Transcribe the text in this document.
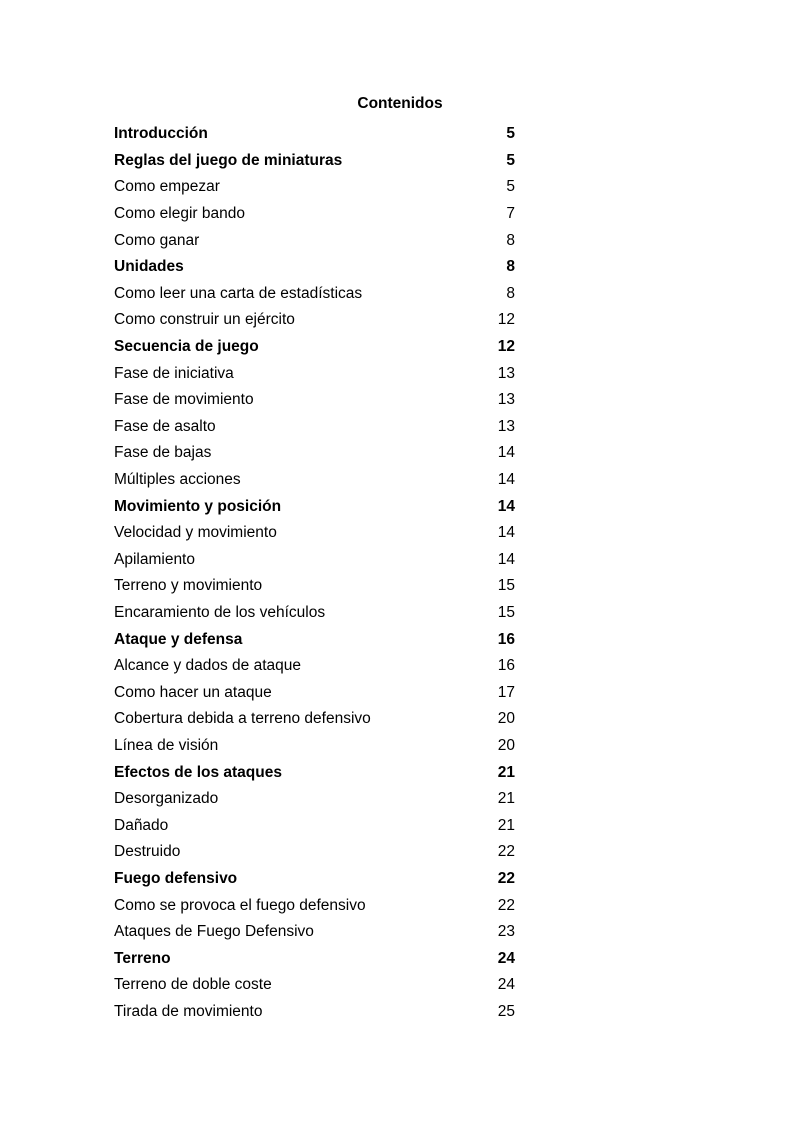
Contenidos
Introducción	5
Reglas del juego de miniaturas	5
Como empezar	5
Como elegir bando	7
Como ganar	8
Unidades	8
Como leer una carta de estadísticas	8
Como construir un ejército	12
Secuencia de juego	12
Fase de iniciativa	13
Fase de movimiento	13
Fase de asalto	13
Fase de bajas	14
Múltiples acciones	14
Movimiento y posición	14
Velocidad y movimiento	14
Apilamiento	14
Terreno y movimiento	15
Encaramiento de los vehículos	15
Ataque y defensa	16
Alcance y dados de ataque	16
Como hacer un ataque	17
Cobertura debida a terreno defensivo	20
Línea de visión	20
Efectos de los ataques	21
Desorganizado	21
Dañado	21
Destruido	22
Fuego defensivo	22
Como se provoca el fuego defensivo	22
Ataques de Fuego Defensivo	23
Terreno	24
Terreno de doble coste	24
Tirada de movimiento	25
